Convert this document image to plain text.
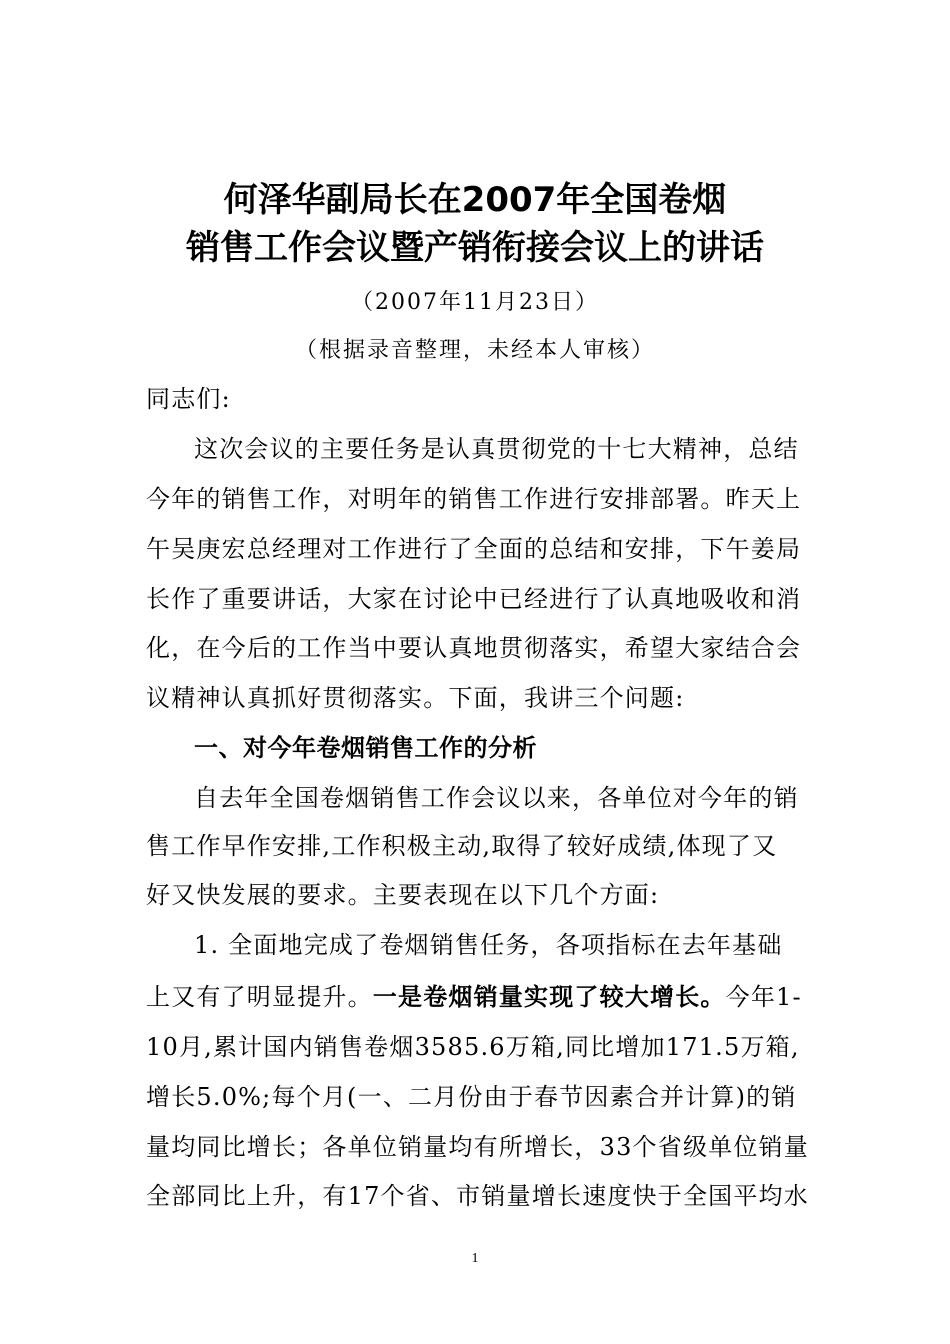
何泽华副局长在2007年全国卷烟
销售工作会议暨产销衔接会议上的讲话
（2007年11月23日）
（根据录音整理，未经本人审核）
同志们:
这次会议的主要任务是认真贯彻党的十七大精神，总结
今年的销售工作，对明年的销售工作进行安排部署。昨天上
午吴庚宏总经理对工作进行了全面的总结和安排，下午姜局
长作了重要讲话，大家在讨论中已经进行了认真地吸收和消
化，在今后的工作当中要认真地贯彻落实，希望大家结合会
议精神认真抓好贯彻落实。下面，我讲三个问题:
一、对今年卷烟销售工作的分析
自去年全国卷烟销售工作会议以来，各单位对今年的销
售工作早作安排,工作积极主动,取得了较好成绩,体现了又
好又快发展的要求。主要表现在以下几个方面:
1. 全面地完成了卷烟销售任务，各项指标在去年基础
上又有了明显提升。一是卷烟销量实现了较大增长。今年1-
10月,累计国内销售卷烟3585.6万箱,同比增加171.5万箱,
增长5.0%;每个月(一、二月份由于春节因素合并计算)的销
量均同比增长；各单位销量均有所增长，33个省级单位销量
全部同比上升，有17个省、市销量增长速度快于全国平均水
1
